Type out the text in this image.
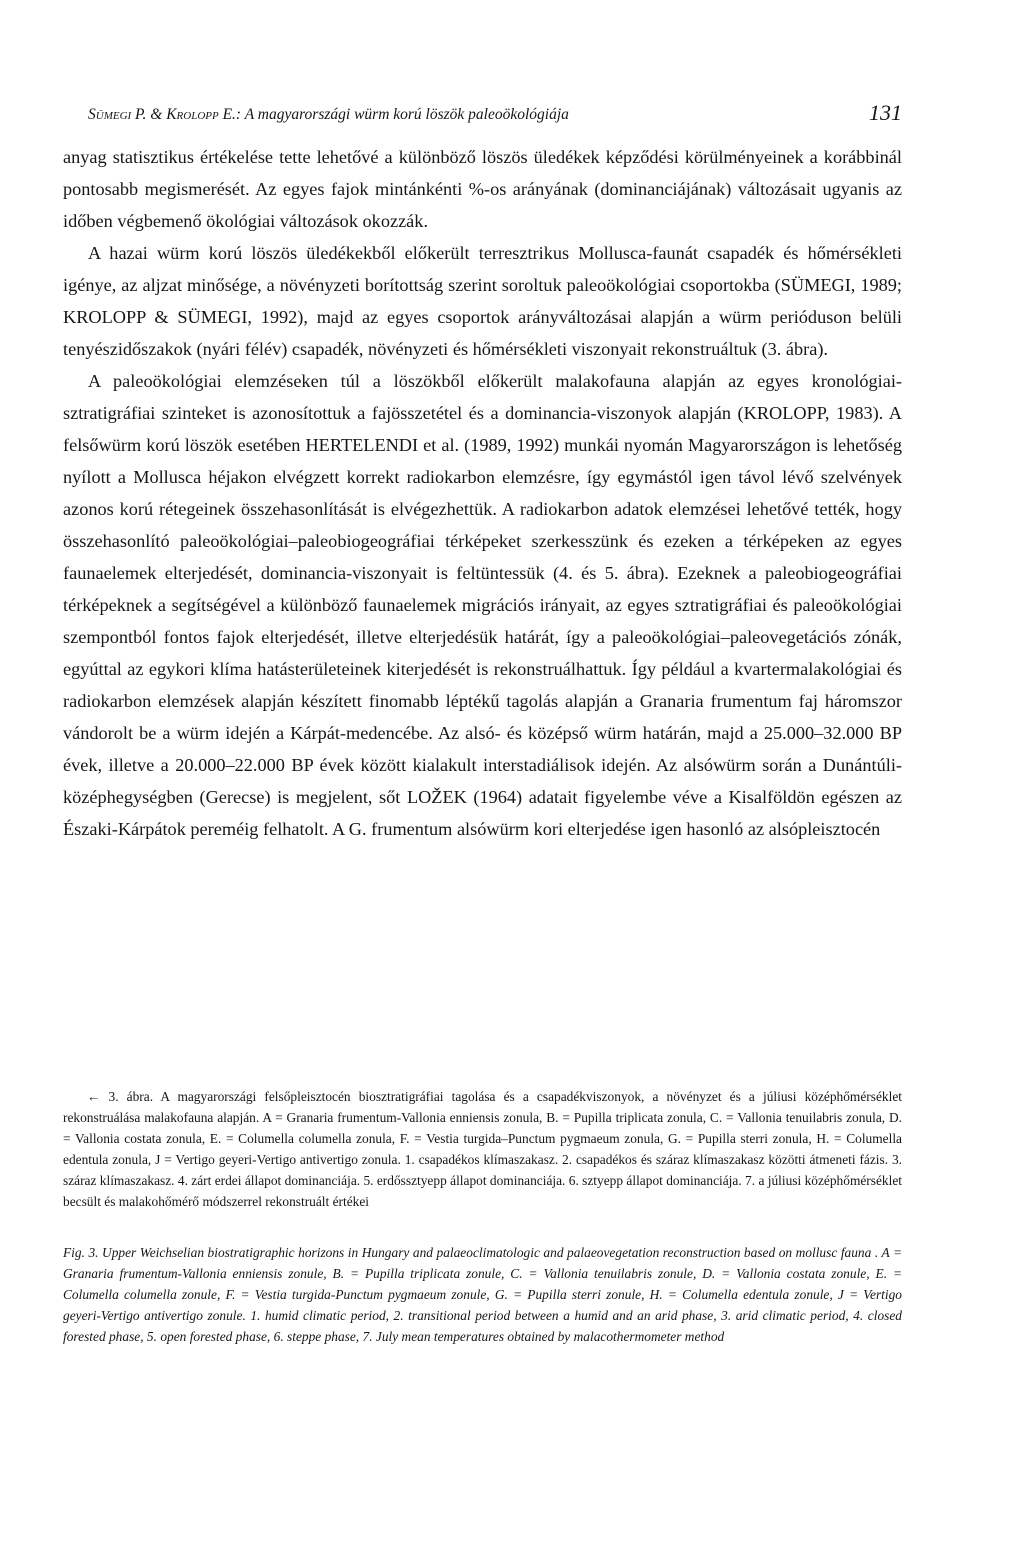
Sümegi P. & Krolopp E.: A magyarországi würm korú löszök paleoökológiája	131

anyag statisztikus értékelése tette lehetővé a különböző löszös üledékek képződési körülményeinek a korábbinál pontosabb megismerését. Az egyes fajok mintánkénti %-os arányának (dominanciájának) változásait ugyanis az időben végbemenő ökológiai változások okozzák.

A hazai würm korú löszös üledékekből előkerült terresztrikus Mollusca-faunát csapadék és hőmérsékleti igénye, az aljzat minősége, a növényzeti borítottság szerint soroltuk paleoökológiai csoportokba (SÜMEGI, 1989; KROLOPP & SÜMEGI, 1992), majd az egyes csoportok arányváltozásai alapján a würm perióduson belüli tenyészidőszakok (nyári félév) csapadék, növényzeti és hőmérsékleti viszonyait rekonstruáltuk (3. ábra).

A paleoökológiai elemzéseken túl a löszökből előkerült malakofauna alapján az egyes kronológiai-sztratigráfiai szinteket is azonosítottuk a fajösszetétel és a dominancia-viszonyok alapján (KROLOPP, 1983). A felsőwürm korú löszök esetében HERTELENDI et al. (1989, 1992) munkái nyomán Magyarországon is lehetőség nyílott a Mollusca héjakon elvégzett korrekt radiokarbon elemzésre, így egymástól igen távol lévő szelvények azonos korú rétegeinek összehasonlítását is elvégezhettük. A radiokarbon adatok elemzései lehetővé tették, hogy összehasonlító paleoökológiai–paleobiogeográfiai térképeket szerkesszünk és ezeken a térképeken az egyes faunaelemek elterjedését, dominancia-viszonyait is feltüntessük (4. és 5. ábra). Ezeknek a paleobiogeográfiai térképeknek a segítségével a különböző faunaelemek migrációs irányait, az egyes sztratigráfiai és paleoökológiai szempontból fontos fajok elterjedését, illetve elterjedésük határát, így a paleoökológiai–paleovegetációs zónák, egyúttal az egykori klíma hatásterületeinek kiterjedését is rekonstruálhattuk. Így például a kvartermalakológiai és radiokarbon elemzések alapján készített finomabb léptékű tagolás alapján a Granaria frumentum faj háromszor vándorolt be a würm idején a Kárpát-medencébe. Az alsó- és középső würm határán, majd a 25.000–32.000 BP évek, illetve a 20.000–22.000 BP évek között kialakult interstadiálisok idején. Az alsówürm során a Dunántúli-középhegységben (Gerecse) is megjelent, sőt LOŽEK (1964) adatait figyelembe véve a Kisalföldön egészen az Északi-Kárpátok pereméig felhatolt. A G. frumentum alsówürm kori elterjedése igen hasonló az alsópleisztocén

← 3. ábra. A magyarországi felsőpleisztocén biosztratigráfiai tagolása és a csapadékviszonyok, a növényzet és a júliusi középhőmérséklet rekonstruálása malakofauna alapján. A = Granaria frumentum-Vallonia enniensis zonula, B. = Pupilla triplicata zonula, C. = Vallonia tenuilabris zonula, D. = Vallonia costata zonula, E. = Columella columella zonula, F. = Vestia turgida–Punctum pygmaeum zonula, G. = Pupilla sterri zonula, H. = Columella edentula zonula, J = Vertigo geyeri-Vertigo antivertigo zonula. 1. csapadékos klímaszakasz. 2. csapadékos és száraz klímaszakasz közötti átmeneti fázis. 3. száraz klímaszakasz. 4. zárt erdei állapot dominanciája. 5. erdőssztyepp állapot dominanciája. 6. sztyepp állapot dominanciája. 7. a júliusi középhőmérséklet becsült és malakohőmérő módszerrel rekonstruált értékei

Fig. 3. Upper Weichselian biostratigraphic horizons in Hungary and palaeoclimatologic and palaeovegetation reconstruction based on mollusc fauna . A = Granaria frumentum-Vallonia enniensis zonule, B. = Pupilla triplicata zonule, C. = Vallonia tenuilabris zonule, D. = Vallonia costata zonule, E. = Columella columella zonule, F. = Vestia turgida-Punctum pygmaeum zonule, G. = Pupilla sterri zonule, H. = Columella edentula zonule, J = Vertigo geyeri-Vertigo antivertigo zonule. 1. humid climatic period, 2. transitional period between a humid and an arid phase, 3. arid climatic period, 4. closed forested phase, 5. open forested phase, 6. steppe phase, 7. July mean temperatures obtained by malacothermometer method
